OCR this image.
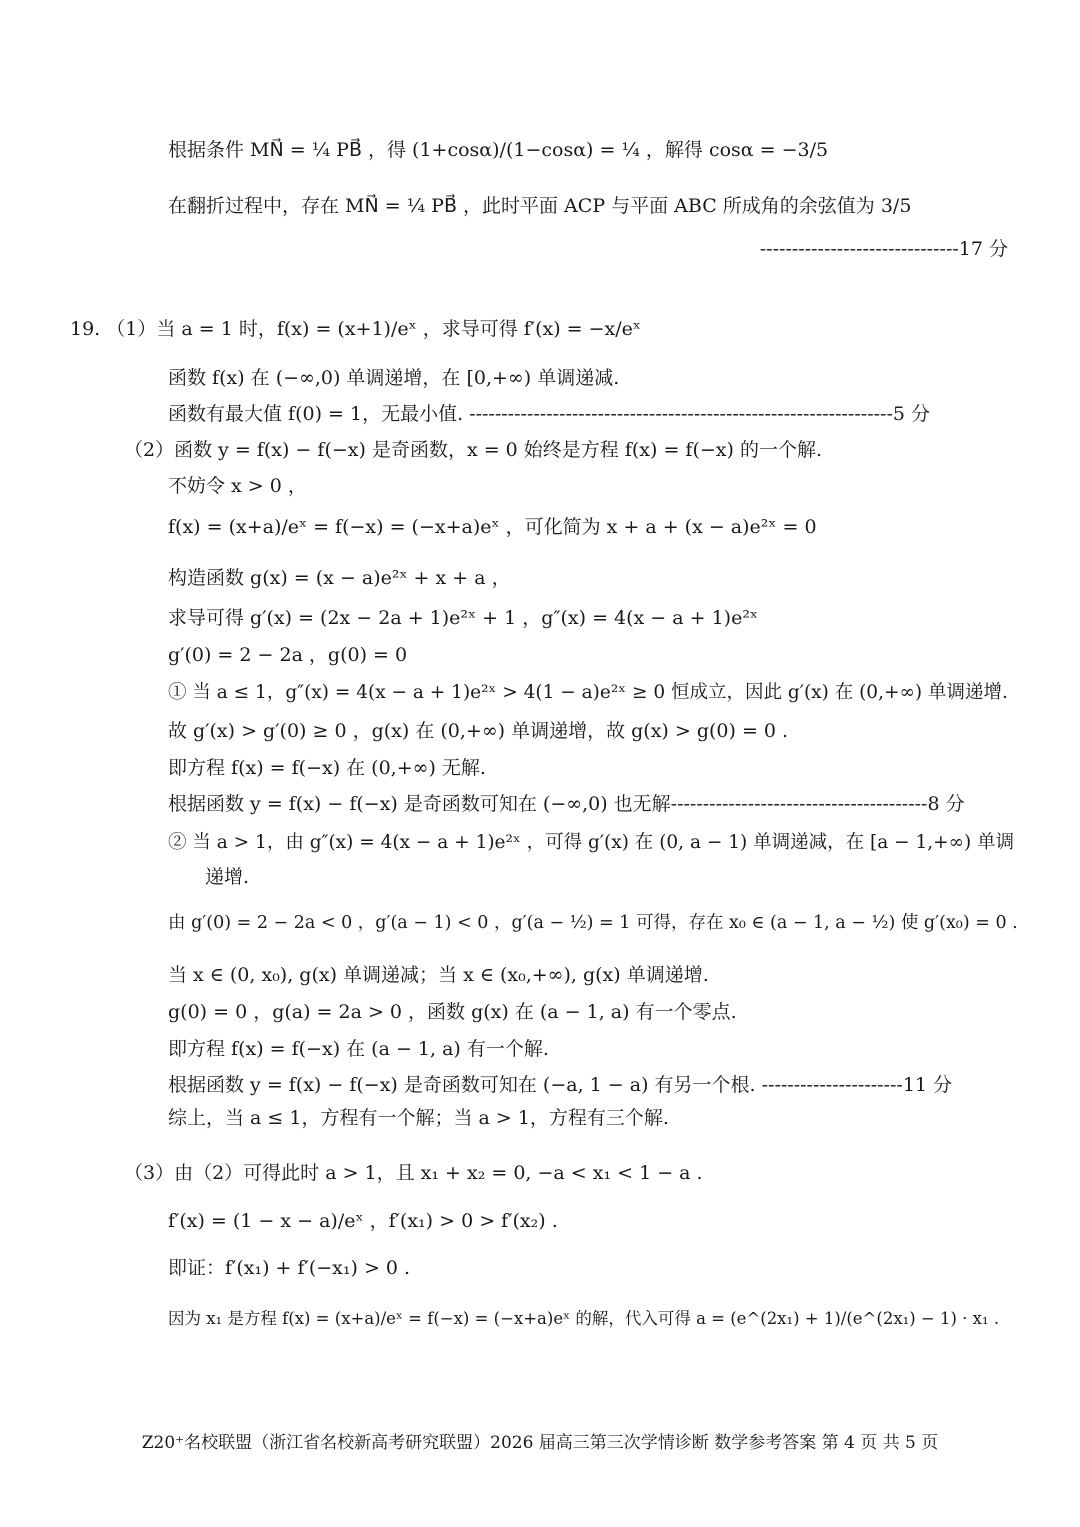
根据条件 MN⃗ = ¼ PB⃗ ，得 (1+cosα)/(1−cosα) = ¼ ，解得 cosα = −3/5
在翻折过程中，存在 MN⃗ = ¼ PB⃗ ，此时平面 ACP 与平面 ABC 所成角的余弦值为 3/5
-------------------------------17 分
19. （1）当 a = 1 时，f(x) = (x+1)/eˣ ，求导可得 f′(x) = −x/eˣ
函数 f(x) 在 (−∞,0) 单调递增，在 [0,+∞) 单调递减.
函数有最大值 f(0) = 1，无最小值. ------------------------------------------------------------------5 分
（2）函数 y = f(x) − f(−x) 是奇函数，x = 0 始终是方程 f(x) = f(−x) 的一个解.
不妨令 x > 0 ，
f(x) = (x+a)/eˣ = f(−x) = (−x+a)eˣ ，可化简为 x + a + (x − a)e²ˣ = 0
构造函数 g(x) = (x − a)e²ˣ + x + a ，
求导可得 g′(x) = (2x − 2a + 1)e²ˣ + 1 ，g″(x) = 4(x − a + 1)e²ˣ
g′(0) = 2 − 2a ，g(0) = 0
① 当 a ≤ 1，g″(x) = 4(x − a + 1)e²ˣ > 4(1 − a)e²ˣ ≥ 0 恒成立，因此 g′(x) 在 (0,+∞) 单调递增.
故 g′(x) > g′(0) ≥ 0 ，g(x) 在 (0,+∞) 单调递增，故 g(x) > g(0) = 0 .
即方程 f(x) = f(−x) 在 (0,+∞) 无解.
根据函数 y = f(x) − f(−x) 是奇函数可知在 (−∞,0) 也无解----------------------------------------8 分
② 当 a > 1，由 g″(x) = 4(x − a + 1)e²ˣ ，可得 g′(x) 在 (0, a − 1) 单调递减，在 [a − 1,+∞) 单调
递增.
由 g′(0) = 2 − 2a < 0 ，g′(a − 1) < 0 ，g′(a − ½) = 1 可得，存在 x₀ ∈ (a − 1, a − ½) 使 g′(x₀) = 0 .
当 x ∈ (0, x₀), g(x) 单调递减；当 x ∈ (x₀,+∞), g(x) 单调递增.
g(0) = 0 ，g(a) = 2a > 0 ，函数 g(x) 在 (a − 1, a) 有一个零点.
即方程 f(x) = f(−x) 在 (a − 1, a) 有一个解.
根据函数 y = f(x) − f(−x) 是奇函数可知在 (−a, 1 − a) 有另一个根. ----------------------11 分
综上，当 a ≤ 1，方程有一个解；当 a > 1，方程有三个解.
（3）由（2）可得此时 a > 1，且 x₁ + x₂ = 0, −a < x₁ < 1 − a .
f′(x) = (1 − x − a)/eˣ ，f′(x₁) > 0 > f′(x₂) .
即证：f′(x₁) + f′(−x₁) > 0 .
因为 x₁ 是方程 f(x) = (x+a)/eˣ = f(−x) = (−x+a)eˣ 的解，代入可得 a = (e^(2x₁) + 1)/(e^(2x₁) − 1) · x₁ .
Z20⁺名校联盟（浙江省名校新高考研究联盟）2026 届高三第三次学情诊断 数学参考答案 第 4 页 共 5 页
